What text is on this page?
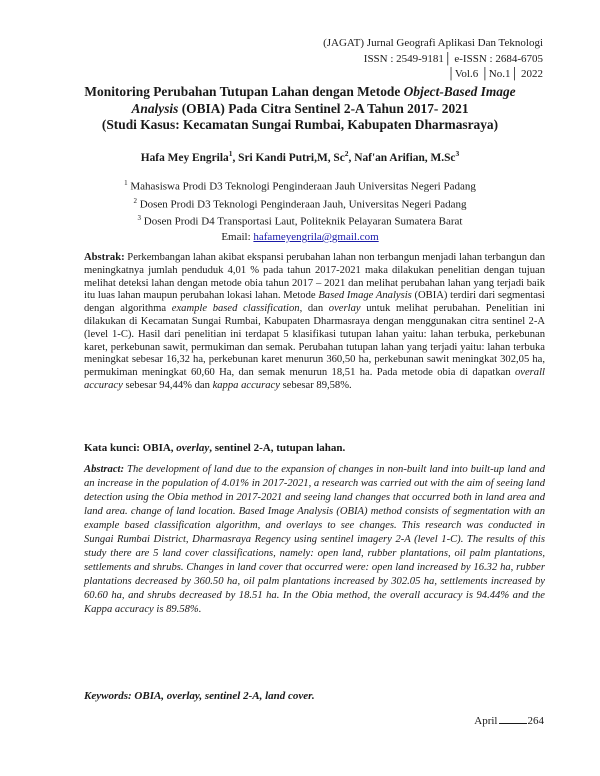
(JAGAT) Jurnal Geografi Aplikasi Dan Teknologi
ISSN : 2549-9181│ e-ISSN : 2684-6705
│Vol.6 │No.1│ 2022
Monitoring Perubahan Tutupan Lahan dengan Metode Object-Based Image
Analysis (OBIA) Pada Citra Sentinel 2-A Tahun 2017- 2021
(Studi Kasus: Kecamatan Sungai Rumbai, Kabupaten Dharmasraya)
Hafa Mey Engrila$^1$, Sri Kandi Putri,M, Sc$^2$, Naf'an Arifian, M.Sc$^3$
$^1$ Mahasiswa Prodi D3 Teknologi Penginderaan Jauh Universitas Negeri Padang
$^2$ Dosen Prodi D3 Teknologi Penginderaan Jauh, Universitas Negeri Padang
$^3$ Dosen Prodi D4 Transportasi Laut, Politeknik Pelayaran Sumatera Barat
Email: hafameyengrila@gmail.com
Abstrak: Perkembangan lahan akibat ekspansi perubahan lahan non terbangun menjadi lahan terbangun dan meningkatnya jumlah penduduk 4,01 % pada tahun 2017-2021 maka dilakukan penelitian dengan tujuan melihat deteksi lahan dengan metode obia tahun 2017 – 2021 dan melihat perubahan lahan yang terjadi baik itu luas lahan maupun perubahan lokasi lahan. Metode Based Image Analysis (OBIA) terdiri dari segmentasi dengan algorithma example based classification, dan overlay untuk melihat perubahan. Penelitian ini dilakukan di Kecamatan Sungai Rumbai, Kabupaten Dharmasraya dengan menggunakan citra sentinel 2-A (level 1-C). Hasil dari penelitian ini terdapat 5 klasifikasi tutupan lahan yaitu: lahan terbuka, perkebunan karet, perkebunan sawit, permukiman dan semak. Perubahan tutupan lahan yang terjadi yaitu: lahan terbuka meningkat sebesar 16,32 ha, perkebunan karet menurun 360,50 ha, perkebunan sawit meningkat 302,05 ha, permukiman meningkat 60,60 Ha, dan semak menurun 18,51 ha. Pada metode obia di dapatkan overall accuracy sebesar 94,44% dan kappa accuracy sebesar 89,58%.
Kata kunci: OBIA, overlay, sentinel 2-A, tutupan lahan.
Abstract: The development of land due to the expansion of changes in non-built land into built-up land and an increase in the population of 4.01% in 2017-2021, a research was carried out with the aim of seeing land detection using the Obia method in 2017-2021 and seeing land changes that occurred both in land area and land area. change of land location. Based Image Analysis (OBIA) method consists of segmentation with an example based classification algorithm, and overlays to see changes. This research was conducted in Sungai Rumbai District, Dharmasraya Regency using sentinel imagery 2-A (level 1-C). The results of this study there are 5 land cover classifications, namely: open land, rubber plantations, oil palm plantations, settlements and shrubs. Changes in land cover that occurred were: open land increased by 16.32 ha, rubber plantations decreased by 360.50 ha, oil palm plantations increased by 302.05 ha, settlements increased by 60.60 ha, and shrubs decreased by 18.51 ha. In the Obia method, the overall accuracy is 94.44% and the Kappa accuracy is 89.58%.
Keywords: OBIA, overlay, sentinel 2-A, land cover.
April	264
